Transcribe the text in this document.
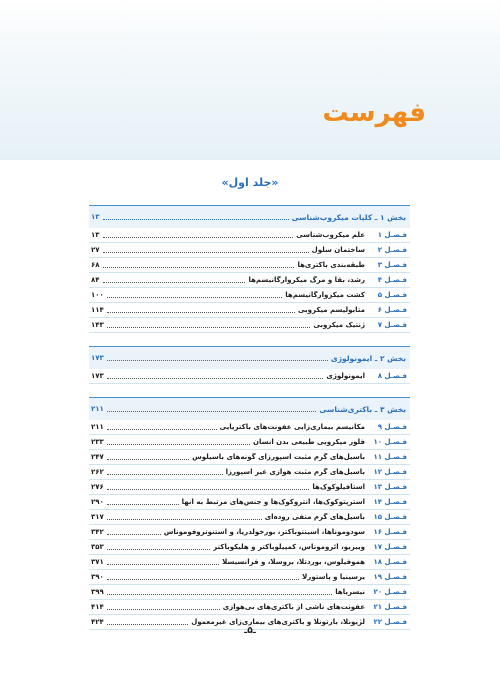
فهرست
«جلد اول»
بخش ۱ ـ کلیات میکروب‌شناسی
۱۳
فـصـل ۱
علم میکروب‌شناسی
۱۳
فـصـل ۲
ساختمان سلول
۲۷
فـصـل ۳
طبقه‌بندی باکتری‌ها
۶۸
فـصـل ۴
رشد، بقا و مرگ میکروارگانیسم‌ها
۸۴
فـصـل ۵
کشت میکروارگانیسم‌ها
۱۰۰
فـصـل ۶
متابولیسم میکروبی
۱۱۴
فـصـل ۷
ژنتیک میکروبی
۱۴۳
بخش ۲ ـ ایمونولوژی
۱۷۳
فـصـل ۸
ایمونولوژی
۱۷۳
بخش ۳ ـ باکتری‌شناسی
۲۱۱
فـصـل ۹
مکانیسم بیماری‌زایی عفونت‌های باکتریایی
۲۱۱
فـصـل ۱۰
فلور میکروبی طبیعی بدن انسان
۲۳۳
فـصـل ۱۱
باسیل‌های گرم مثبت اسپورزای گونه‌های باسیلوس
۲۴۷
فـصـل ۱۲
باسیل‌های گرم مثبت هوازی غیر اسپورزا
۲۶۲
فـصـل ۱۳
استافیلوکوک‌ها
۲۷۶
فـصـل ۱۴
استرپتوکوک‌ها، انتروکوک‌ها و جنس‌های مرتبط به آنها
۲۹۰
فـصـل ۱۵
باسیل‌های گرم منفی روده‌ای
۳۱۷
فـصـل ۱۶
سودوموناها، آسینتوباکتر، بورخولدریا، و استنوتروفوموناس
۳۴۲
فـصـل ۱۷
ویبریو، آئروموناس، کمپیلوباکتر و هلیکوباکتر
۳۵۳
فـصـل ۱۸
هموفیلوس، بوردتلا، بروسلا، و فرانسیسلا
۳۷۱
فـصـل ۱۹
یرسینیا و پاستورلا
۳۹۰
فـصـل ۲۰
نیسریاها
۳۹۹
فـصـل ۲۱
عفونت‌های ناشی از باکتری‌های بی‌هوازی
۴۱۴
فـصـل ۲۲
لژیونلا، بارتونلا و باکتری‌های بیماری‌زای غیرمعمول
۴۲۴
ـ۵ـ
